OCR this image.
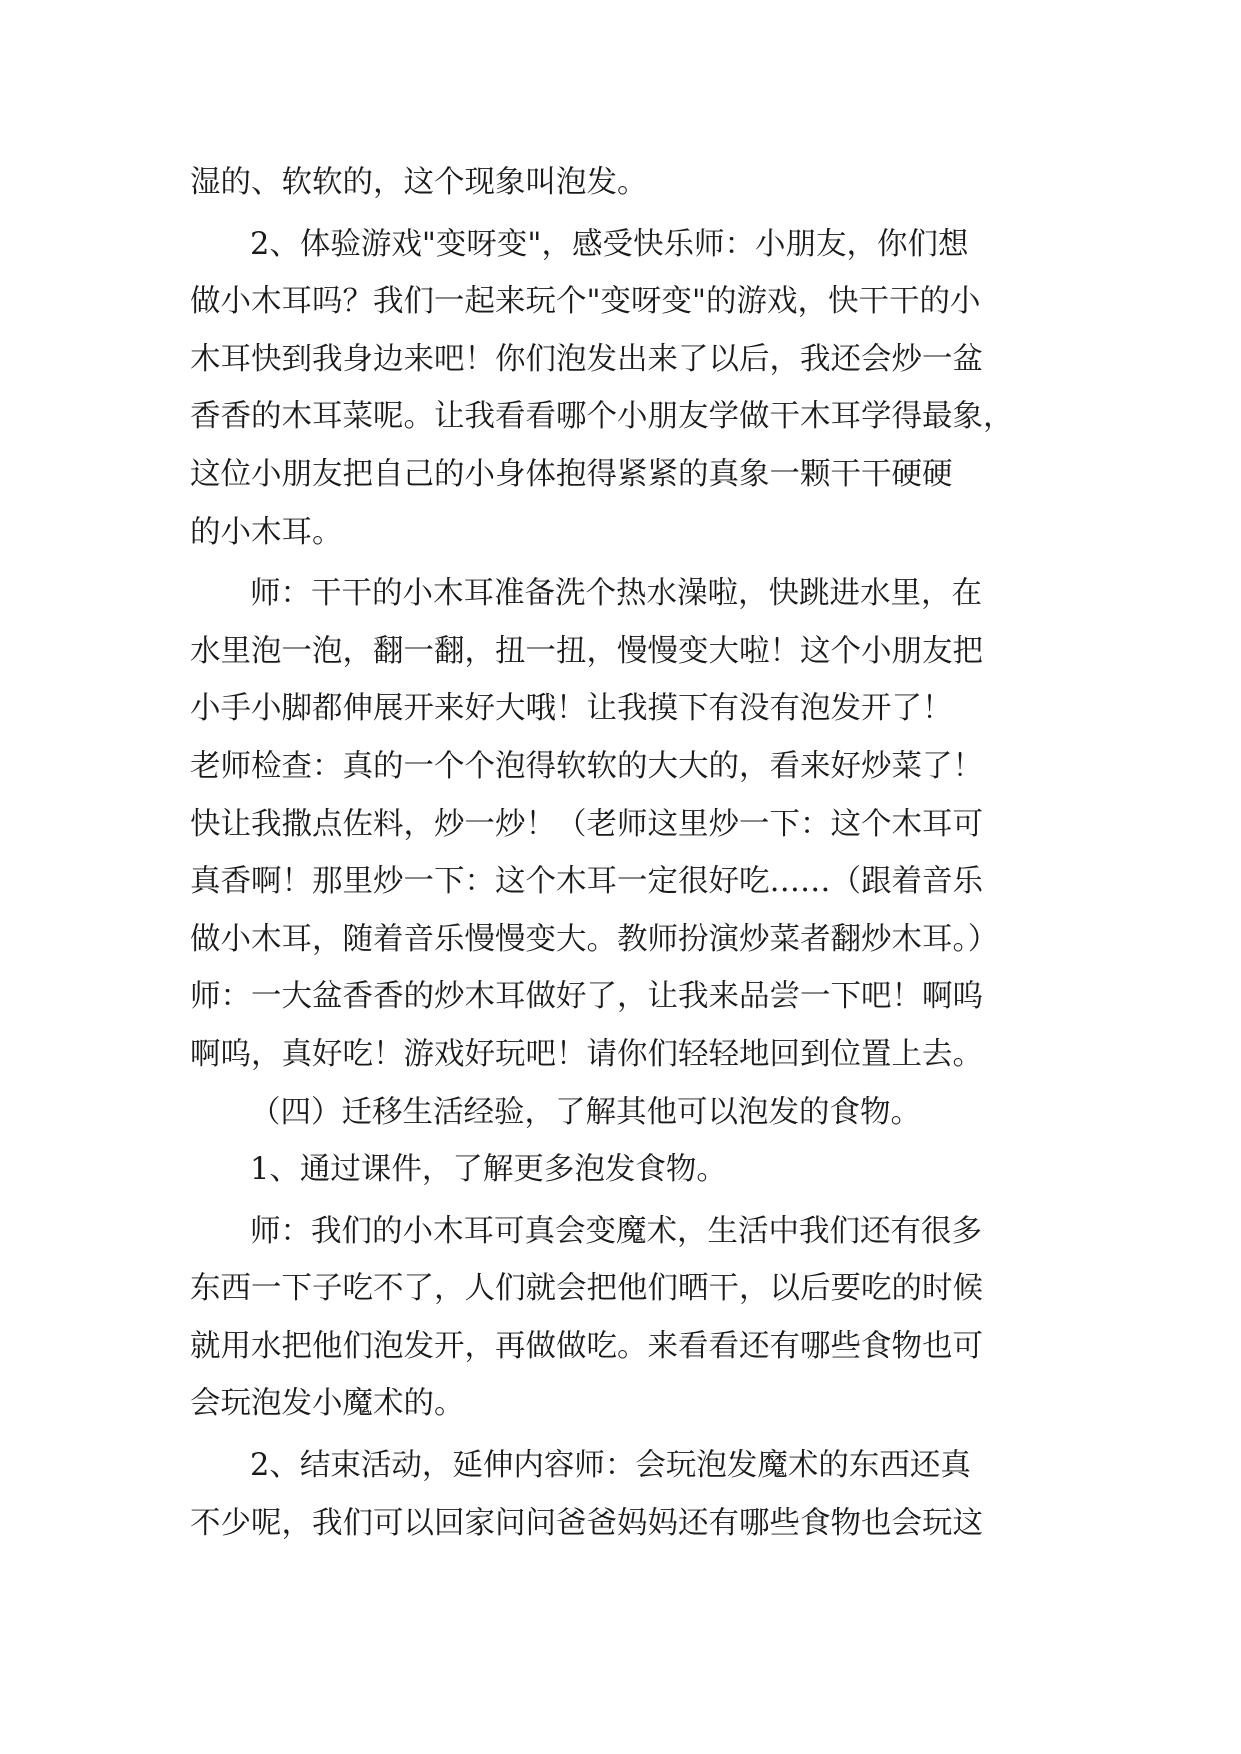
湿的、软软的，这个现象叫泡发。
2、体验游戏"变呀变"，感受快乐师：小朋友，你们想
做小木耳吗？我们一起来玩个"变呀变"的游戏，快干干的小
木耳快到我身边来吧！你们泡发出来了以后，我还会炒一盆
香香的木耳菜呢。让我看看哪个小朋友学做干木耳学得最象，
这位小朋友把自己的小身体抱得紧紧的真象一颗干干硬硬
的小木耳。
师：干干的小木耳准备洗个热水澡啦，快跳进水里，在
水里泡一泡，翻一翻，扭一扭，慢慢变大啦！这个小朋友把
小手小脚都伸展开来好大哦！让我摸下有没有泡发开了！
老师检查：真的一个个泡得软软的大大的，看来好炒菜了！
快让我撒点佐料，炒一炒！（老师这里炒一下：这个木耳可
真香啊！那里炒一下：这个木耳一定很好吃……（跟着音乐
做小木耳，随着音乐慢慢变大。教师扮演炒菜者翻炒木耳。）
师：一大盆香香的炒木耳做好了，让我来品尝一下吧！啊呜
啊呜，真好吃！游戏好玩吧！请你们轻轻地回到位置上去。
（四）迁移生活经验，了解其他可以泡发的食物。
1、通过课件，了解更多泡发食物。
师：我们的小木耳可真会变魔术，生活中我们还有很多
东西一下子吃不了，人们就会把他们晒干，以后要吃的时候
就用水把他们泡发开，再做做吃。来看看还有哪些食物也可
会玩泡发小魔术的。
2、结束活动，延伸内容师：会玩泡发魔术的东西还真
不少呢，我们可以回家问问爸爸妈妈还有哪些食物也会玩这
